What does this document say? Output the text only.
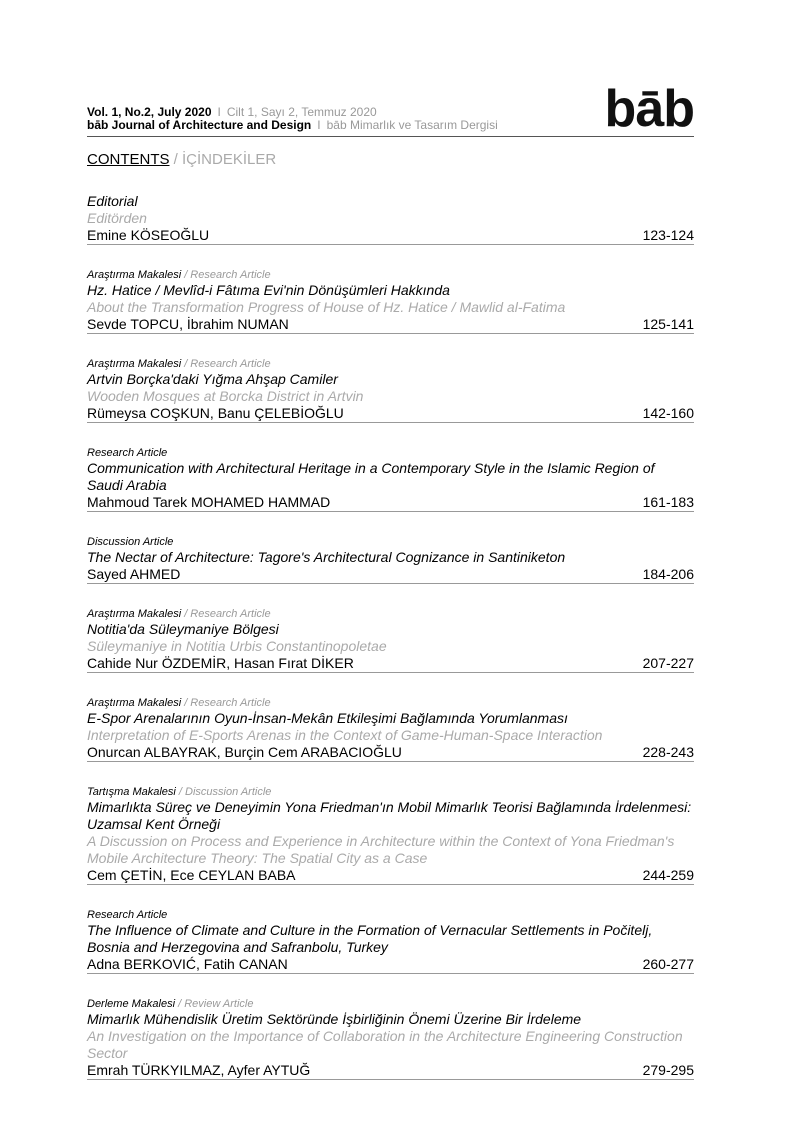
Vol. 1, No.2, July 2020 I Cilt 1, Sayı 2, Temmuz 2020
bāb Journal of Architecture and Design I bāb Mimarlık ve Tasarım Dergisi	bāb
CONTENTS / İÇİNDEKİLER
Editorial
Editörden
Emine KÖSEOĞLU	123-124
Araştırma Makalesi / Research Article
Hz. Hatice / Mevlîd-i Fâtıma Evi'nin Dönüşümleri Hakkında
About the Transformation Progress of House of Hz. Hatice / Mawlid al-Fatima
Sevde TOPCU, İbrahim NUMAN	125-141
Araştırma Makalesi / Research Article
Artvin Borçka'daki Yığma Ahşap Camiler
Wooden Mosques at Borcka District in Artvin
Rümeysa COŞKUN, Banu ÇELEBİOĞLU	142-160
Research Article
Communication with Architectural Heritage in a Contemporary Style in the Islamic Region of Saudi Arabia
Mahmoud Tarek MOHAMED HAMMAD	161-183
Discussion Article
The Nectar of Architecture: Tagore's Architectural Cognizance in Santiniketon
Sayed AHMED	184-206
Araştırma Makalesi / Research Article
Notitia'da Süleymaniye Bölgesi
Süleymaniye in Notitia Urbis Constantinopoletae
Cahide Nur ÖZDEMİR, Hasan Fırat DİKER	207-227
Araştırma Makalesi / Research Article
E-Spor Arenalarının Oyun-İnsan-Mekân Etkileşimi Bağlamında Yorumlanması
Interpretation of E-Sports Arenas in the Context of Game-Human-Space Interaction
Onurcan ALBAYRAK, Burçin Cem ARABACIOĞLU	228-243
Tartışma Makalesi / Discussion Article
Mimarlıkta Süreç ve Deneyimin Yona Friedman'ın Mobil Mimarlık Teorisi Bağlamında İrdelenmesi: Uzamsal Kent Örneği
A Discussion on Process and Experience in Architecture within the Context of Yona Friedman's Mobile Architecture Theory: The Spatial City as a Case
Cem ÇETİN, Ece CEYLAN BABA	244-259
Research Article
The Influence of Climate and Culture in the Formation of Vernacular Settlements in Počitelj, Bosnia and Herzegovina and Safranbolu, Turkey
Adna BERKOVIĆ, Fatih CANAN	260-277
Derleme Makalesi / Review Article
Mimarlık Mühendislik Üretim Sektöründe İşbirliğinin Önemi Üzerine Bir İrdeleme
An Investigation on the Importance of Collaboration in the Architecture Engineering Construction Sector
Emrah TÜRKYILMAZ, Ayfer AYTUĞ	279-295
